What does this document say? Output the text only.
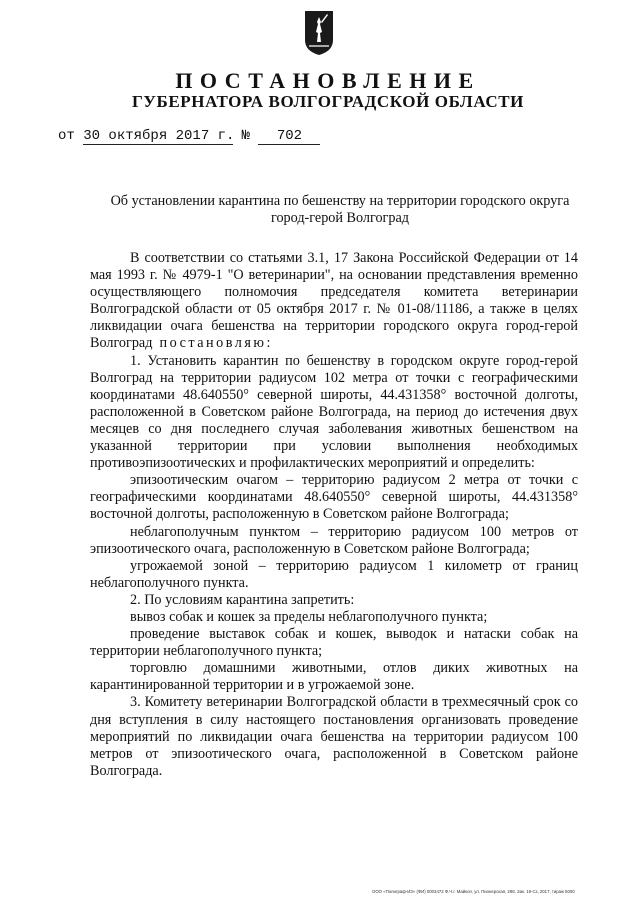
ПОСТАНОВЛЕНИЕ
ГУБЕРНАТОРА ВОЛГОГРАДСКОЙ ОБЛАСТИ
от 30 октября 2017 г. № 702
Об установлении карантина по бешенству на территории городского округа город-герой Волгоград

В соответствии со статьями 3.1, 17 Закона Российской Федерации от 14 мая 1993 г. № 4979-1 "О ветеринарии", на основании представления временно осуществляющего полномочия председателя комитета ветеринарии Волгоградской области от 05 октября 2017 г. № 01-08/11186, а также в целях ликвидации очага бешенства на территории городского округа город-герой Волгоград постановляю:

1. Установить карантин по бешенству в городском округе город-герой Волгоград на территории радиусом 102 метра от точки с географическими координатами 48.640550° северной широты, 44.431358° восточной долготы, расположенной в Советском районе Волгограда, на период до истечения двух месяцев со дня последнего случая заболевания животных бешенством на указанной территории при условии выполнения необходимых противоэпизоотических и профилактических мероприятий и определить:

эпизоотическим очагом – территорию радиусом 2 метра от точки с географическими координатами 48.640550° северной широты, 44.431358° восточной долготы, расположенную в Советском районе Волгограда;

неблагополучным пунктом – территорию радиусом 100 метров от эпизоотического очага, расположенную в Советском районе Волгограда;

угрожаемой зоной – территорию радиусом 1 километр от границ неблагополучного пункта.

2. По условиям карантина запретить:

вывоз собак и кошек за пределы неблагополучного пункта;

проведение выставок собак и кошек, выводок и натаски собак на территории неблагополучного пункта;

торговлю домашними животными, отлов диких животных на карантинированной территории и в угрожаемой зоне.

3. Комитету ветеринарии Волгоградской области в трехмесячный срок со дня вступления в силу настоящего постановления организовать проведение мероприятий по ликвидации очага бешенства на территории радиусом 100 метров от эпизоотического очага, расположенной в Советском районе Волгограда.

ООО «Полиграф-ИЗ» (ФИ) 0003472 Ф.Ч.г. Майкоп, ул. Пионерская, 288. Зак. 19-Сз, 2017, тираж 5000
